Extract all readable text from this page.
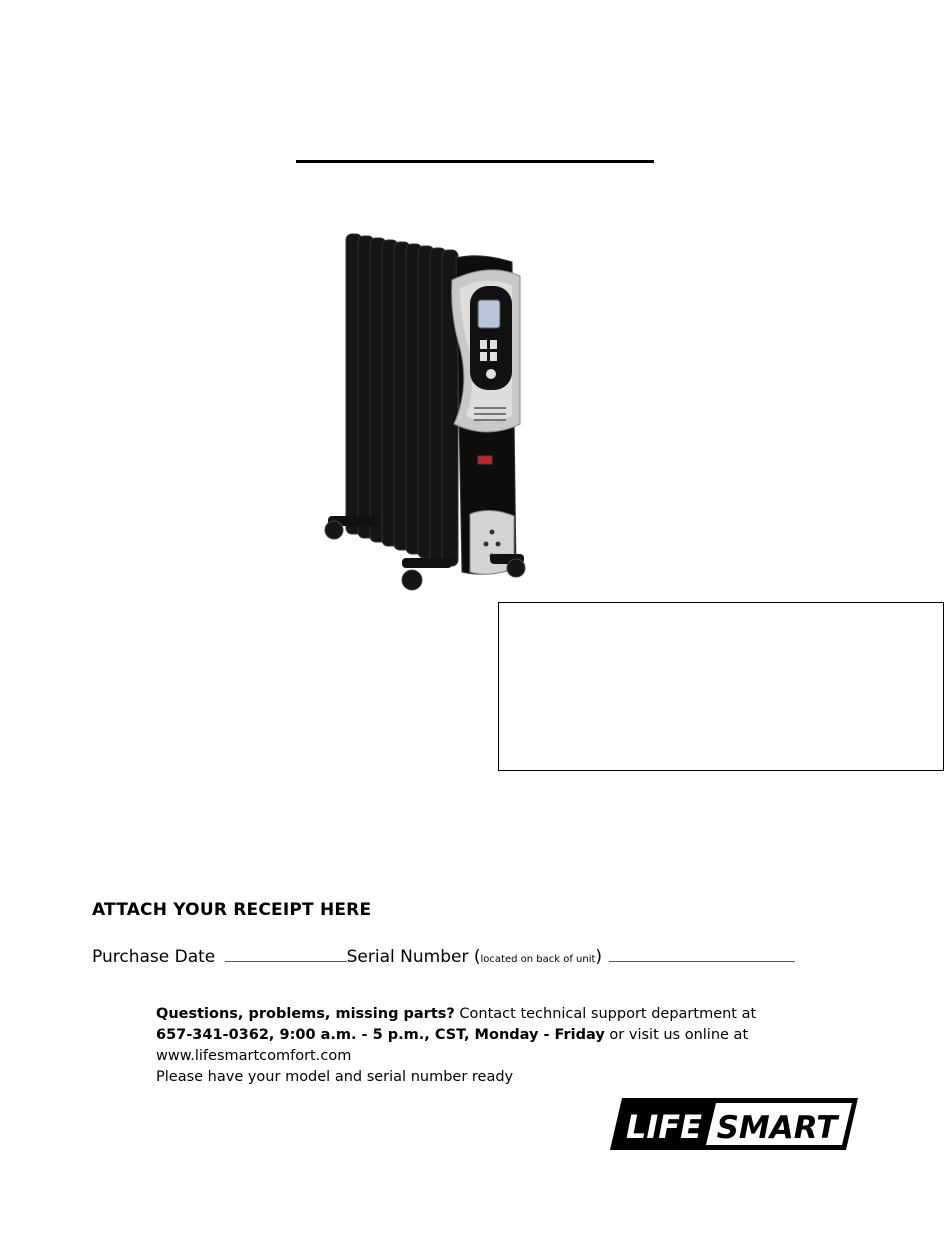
ATTACH YOUR RECEIPT HERE
Purchase Date	Serial Number (located on back of unit)
Questions, problems, missing parts? Contact technical support department at
657-341-0362, 9:00 a.m. - 5 p.m., CST, Monday - Friday or visit us online at
www.lifesmartcomfort.com
Please have your model and serial number ready
LIFE SMART
